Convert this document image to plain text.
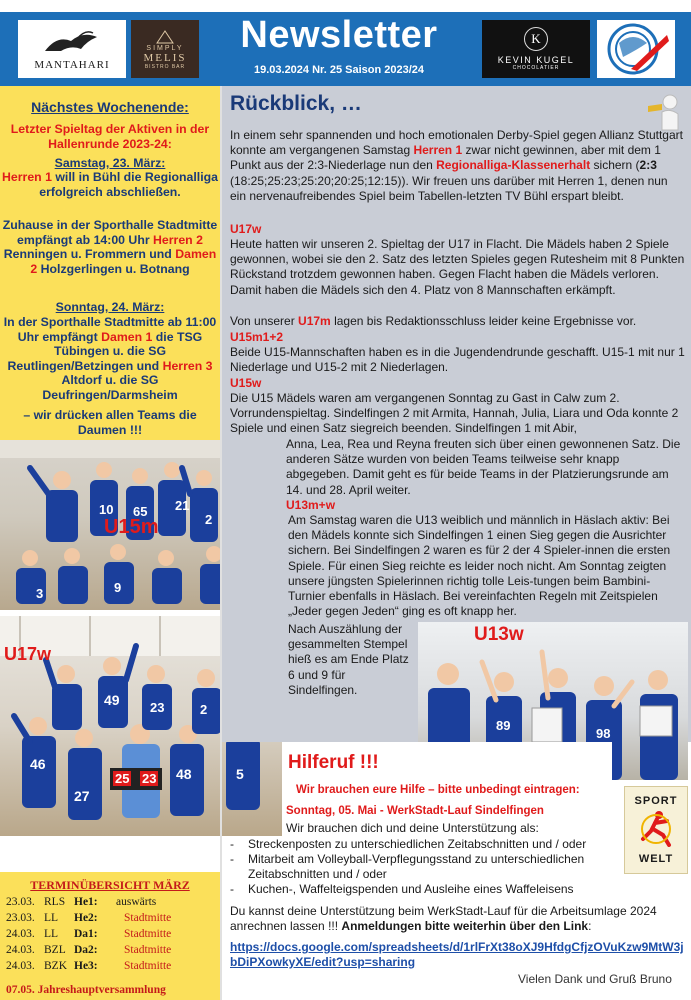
MANTAHARI
SIMPLY
MELIS
BISTRO BAR
Newsletter
19.03.2024 Nr. 25 Saison 2023/24
K
KEVIN KUGEL
CHOCOLATIER
Nächstes Wochenende:
Letzter Spieltag der Aktiven in der Hallenrunde 2023-24:
Samstag, 23. März:
Herren 1 will in Bühl die Regionalliga erfolgreich abschließen.
Zuhause in der Sporthalle Stadtmitte empfängt ab 14:00 Uhr Herren 2 Renningen u. Frommern und Damen 2 Holzgerlingen u. Botnang
Sonntag, 24. März:
In der Sporthalle Stadtmitte ab 11:00 Uhr empfängt Damen 1 die TSG Tübingen u. die SG Reutlingen/Betzingen und Herren 3 Altdorf u. die SG Deufringen/Darmsheim
– wir drücken allen Teams die Daumen !!!
U15m
21
65
10
2
3	9
U17w
23
49
2
46
27
48	5
25 23
TERMINÜBERSICHT MÄRZ
23.03. RLS He1: auswärts
23.03. LL He2: Stadtmitte
24.03. LL Da1: Stadtmitte
24.03. BZL Da2: Stadtmitte
24.03. BZK He3: Stadtmitte
07.05. Jahreshauptversammlung
Rückblick, …
In einem sehr spannenden und hoch emotionalen Derby-Spiel gegen Allianz Stuttgart konnte am vergangenen Samstag Herren 1 zwar nicht gewinnen, aber mit dem 1 Punkt aus der 2:3-Niederlage nun den Regionalliga-Klassenerhalt sichern (2:3 (18:25;25:23;25:20;20:25;12:15)). Wir freuen uns darüber mit Herren 1, denen nun ein nervenaufreibendes Spiel beim Tabellen-letzten TV Bühl erspart bleibt.
U17w
Heute hatten wir unseren 2. Spieltag der U17 in Flacht. Die Mädels haben 2 Spiele gewonnen, wobei sie den 2. Satz des letzten Spieles gegen Rutesheim mit 8 Punkten Rückstand trotzdem gewonnen haben. Gegen Flacht haben die Mädels verloren. Damit haben die Mädels sich den 4. Platz von 8 Mannschaften erkämpft.
Von unserer U17m lagen bis Redaktionsschluss leider keine Ergebnisse vor.
U15m1+2
Beide U15-Mannschaften haben es in die Jugendendrunde geschafft. U15-1 mit nur 1 Niederlage und U15-2 mit 2 Niederlagen.
U15w
Die U15 Mädels waren am vergangenen Sonntag zu Gast in Calw zum 2. Vorrundenspieltag. Sindelfingen 2 mit Armita, Hannah, Julia, Liara und Oda konnte 2 Spiele und einen Satz siegreich beenden. Sindelfingen 1 mit Abir,
Anna, Lea, Rea und Reyna freuten sich über einen gewonnenen Satz. Die anderen Sätze wurden von beiden Teams teilweise sehr knapp abgegeben. Damit geht es für beide Teams in der Platzierungsrunde am 14. und 28. April weiter.
U13m+w
Am Samstag waren die U13 weiblich und männlich in Häslach aktiv: Bei den Mädels konnte sich Sindelfingen 1 einen Sieg gegen die Ausrichter sichern. Bei Sindelfingen 2 waren es für 2 der 4 Spieler-innen die ersten Spiele. Für einen Sieg reichte es leider noch nicht. Am Sonntag zeigten unsere jüngsten Spielerinnen richtig tolle Leis-tungen beim Bambini-Turnier ebenfalls in Häslach. Bei vereinfachten Regeln mit Zeitspielen „Jeder gegen Jeden“ ging es oft knapp her.
Nach Auszählung der gesammelten Stempel hieß es am Ende Platz 6 und 9 für Sindelfingen.
U13w
89
98
Hilferuf !!!
Wir brauchen eure Hilfe – bitte unbedingt eintragen:
Sonntag, 05. Mai - WerkStadt-Lauf Sindelfingen
Wir brauchen dich und deine Unterstützung als:
- Streckenposten zu unterschiedlichen Zeitabschnitten und / oder
- Mitarbeit am Volleyball-Verpflegungsstand zu unterschiedlichen Zeitabschnitten und / oder
- Kuchen-, Waffelteigspenden und Ausleihe eines Waffeleisens
SPORT
WELT
Du kannst deine Unterstützung beim WerkStadt-Lauf für die Arbeitsumlage 2024 anrechnen lassen !!! Anmeldungen bitte weiterhin über den Link:
https://docs.google.com/spreadsheets/d/1rlFrXt38oXJ9HfdgCfjzOVuKzw9MtW3jbDiPXowkyXE/edit?usp=sharing
Vielen Dank und Gruß Bruno
